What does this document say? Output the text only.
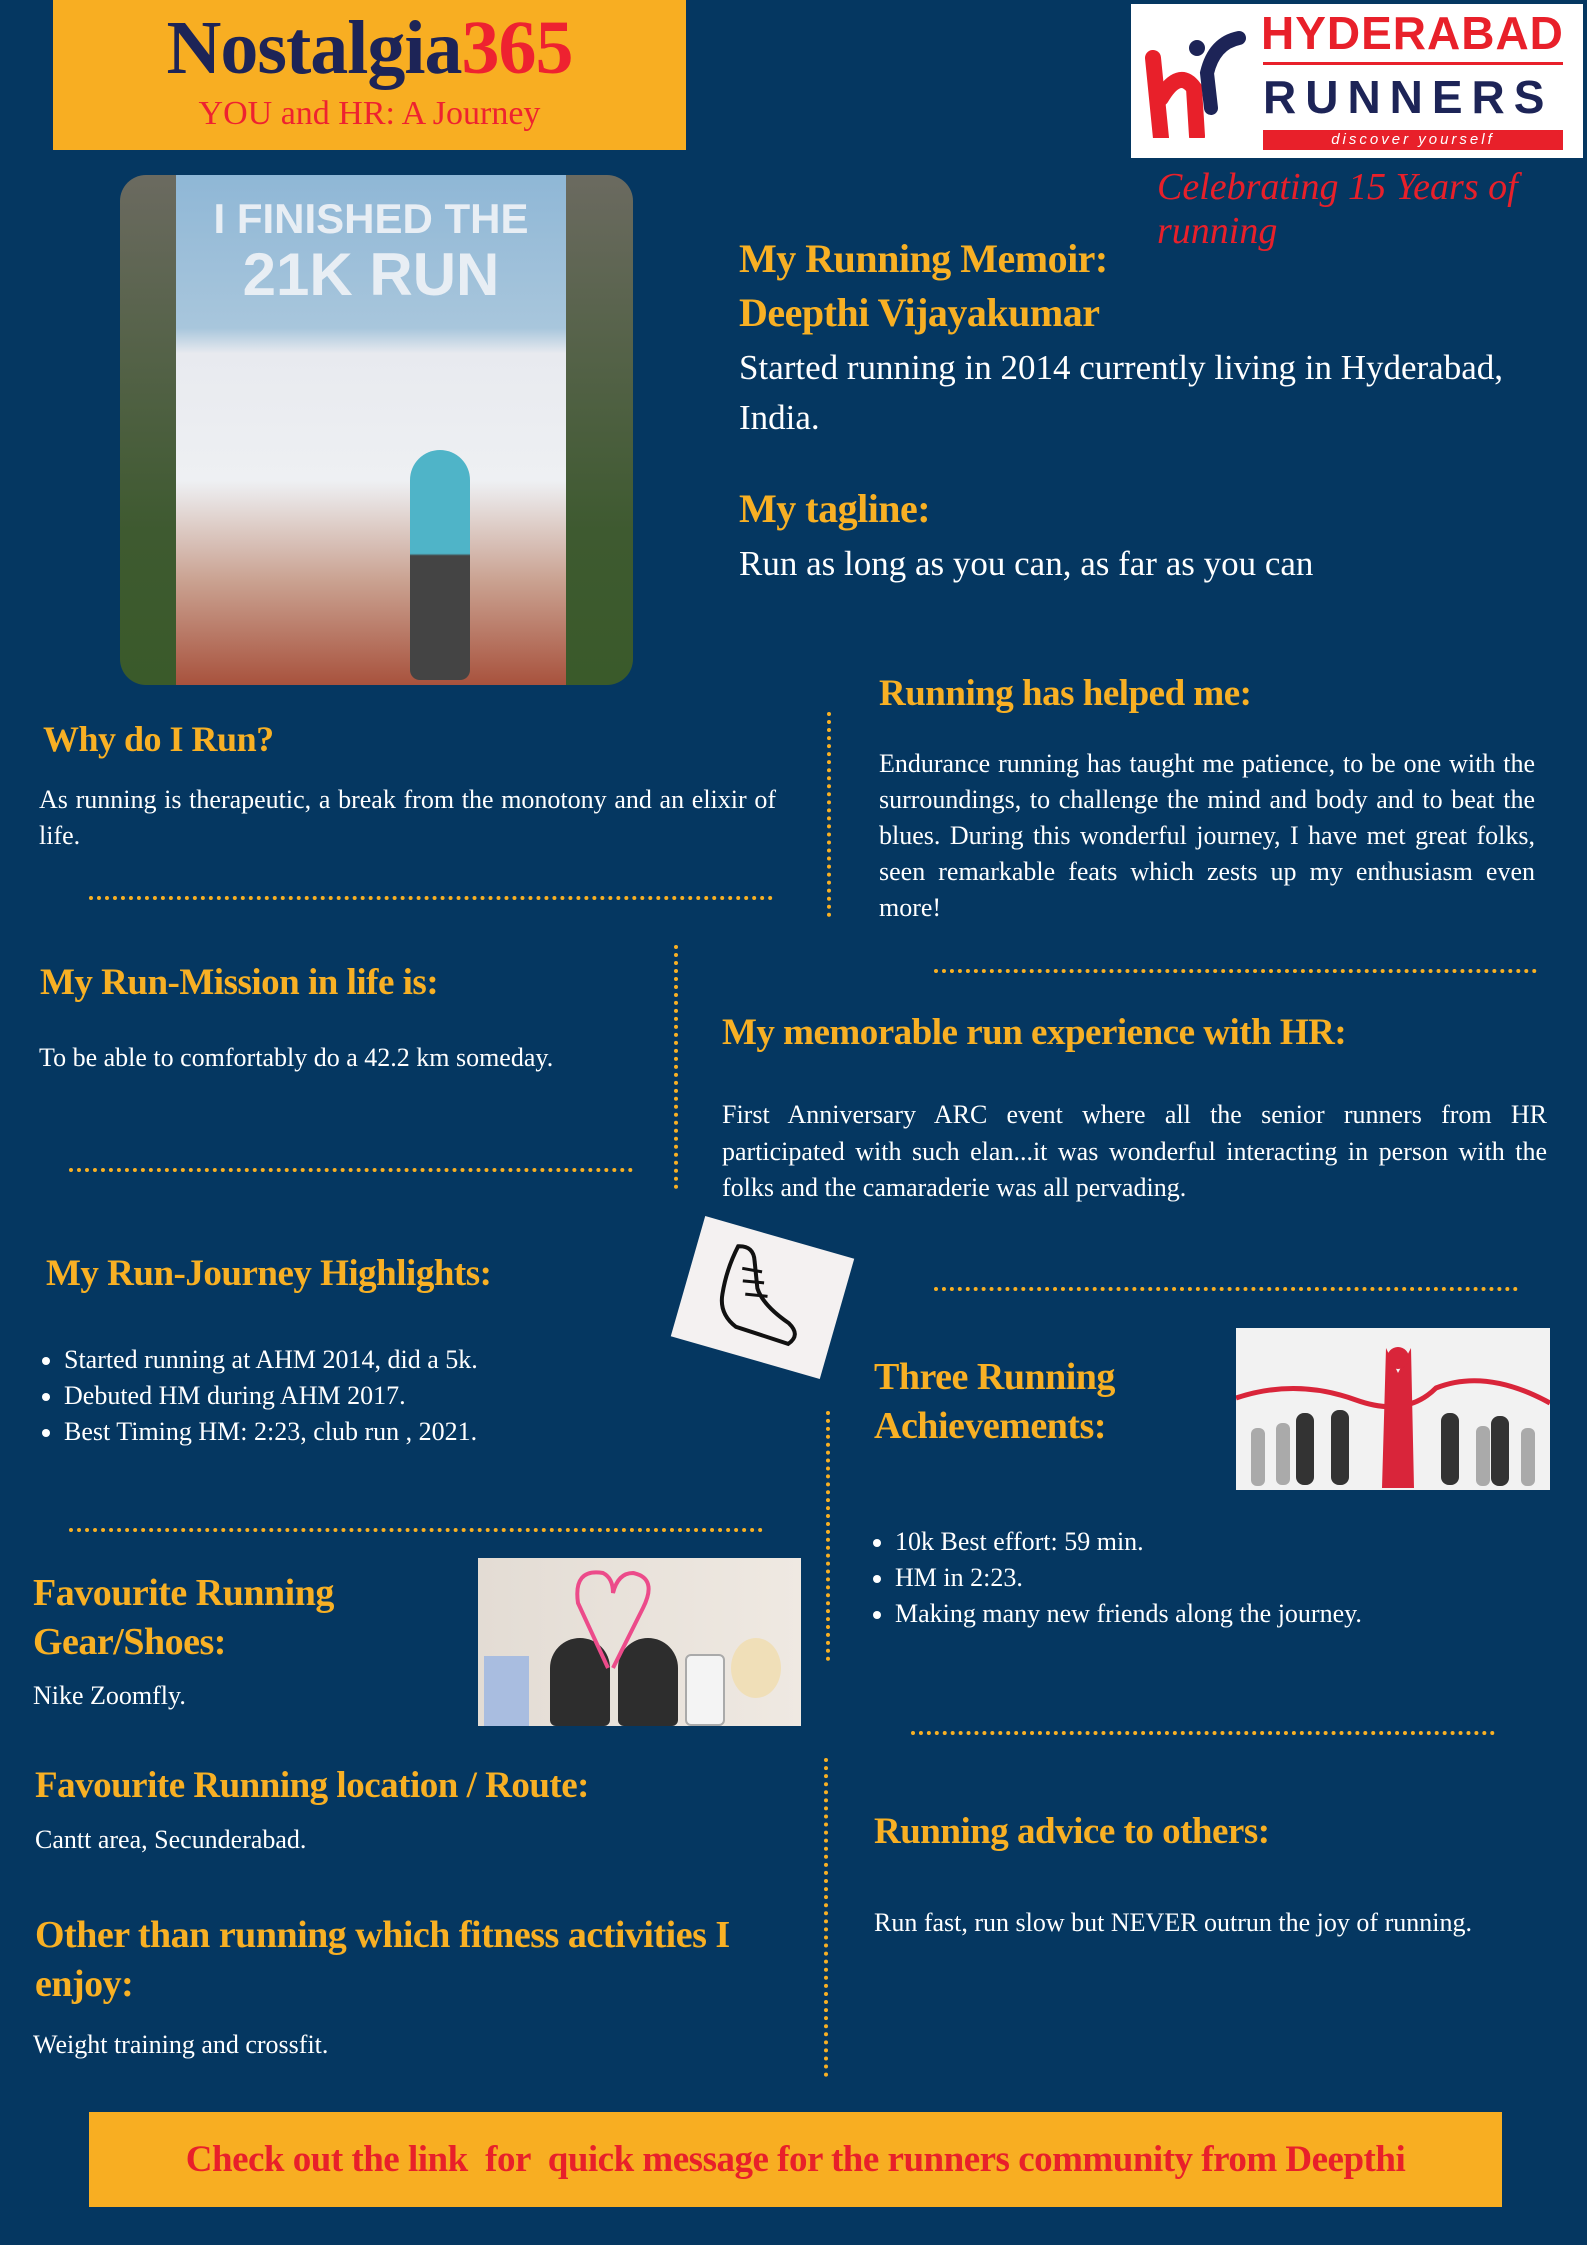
Nostalgia365
YOU and HR: A Journey
HYDERABAD
RUNNERS
discover yourself
Celebrating 15 Years of running
I FINISHED THE
21K RUN	My Running Memoir:
Deepthi Vijayakumar
Started running in 2014 currently living in Hyderabad, India.
My tagline:
Run as long as you can, as far as you can
Running has helped me:
Endurance running has taught me patience, to be one with the surroundings, to challenge the mind and body and to beat the blues. During this wonderful journey, I have met great folks, seen remarkable feats which zests up my enthusiasm even more!
Why do I Run?
As running is therapeutic, a break from the monotony and an elixir of life.
My Run-Mission in life is:
To be able to comfortably do a 42.2 km someday.
My memorable run experience with HR:
First Anniversary ARC event where all the senior runners from HR participated with such elan...it was wonderful interacting in person with the folks and the camaraderie was all pervading.
My Run-Journey Highlights:
• Started running at AHM 2014, did a 5k.
• Debuted HM during AHM 2017.
• Best Timing HM: 2:23, club run , 2021.
Three Running
Achievements:
• 10k Best effort: 59 min.
• HM in 2:23.
• Making many new friends along the journey.
Favourite Running
Gear/Shoes:
Nike Zoomfly.
Favourite Running location / Route:
Cantt area, Secunderabad.	Running advice to others:
Run fast, run slow but NEVER outrun the joy of running.
Other than running which fitness activities I enjoy:
Weight training and crossfit.
Check out the link  for  quick message for the runners community from Deepthi
